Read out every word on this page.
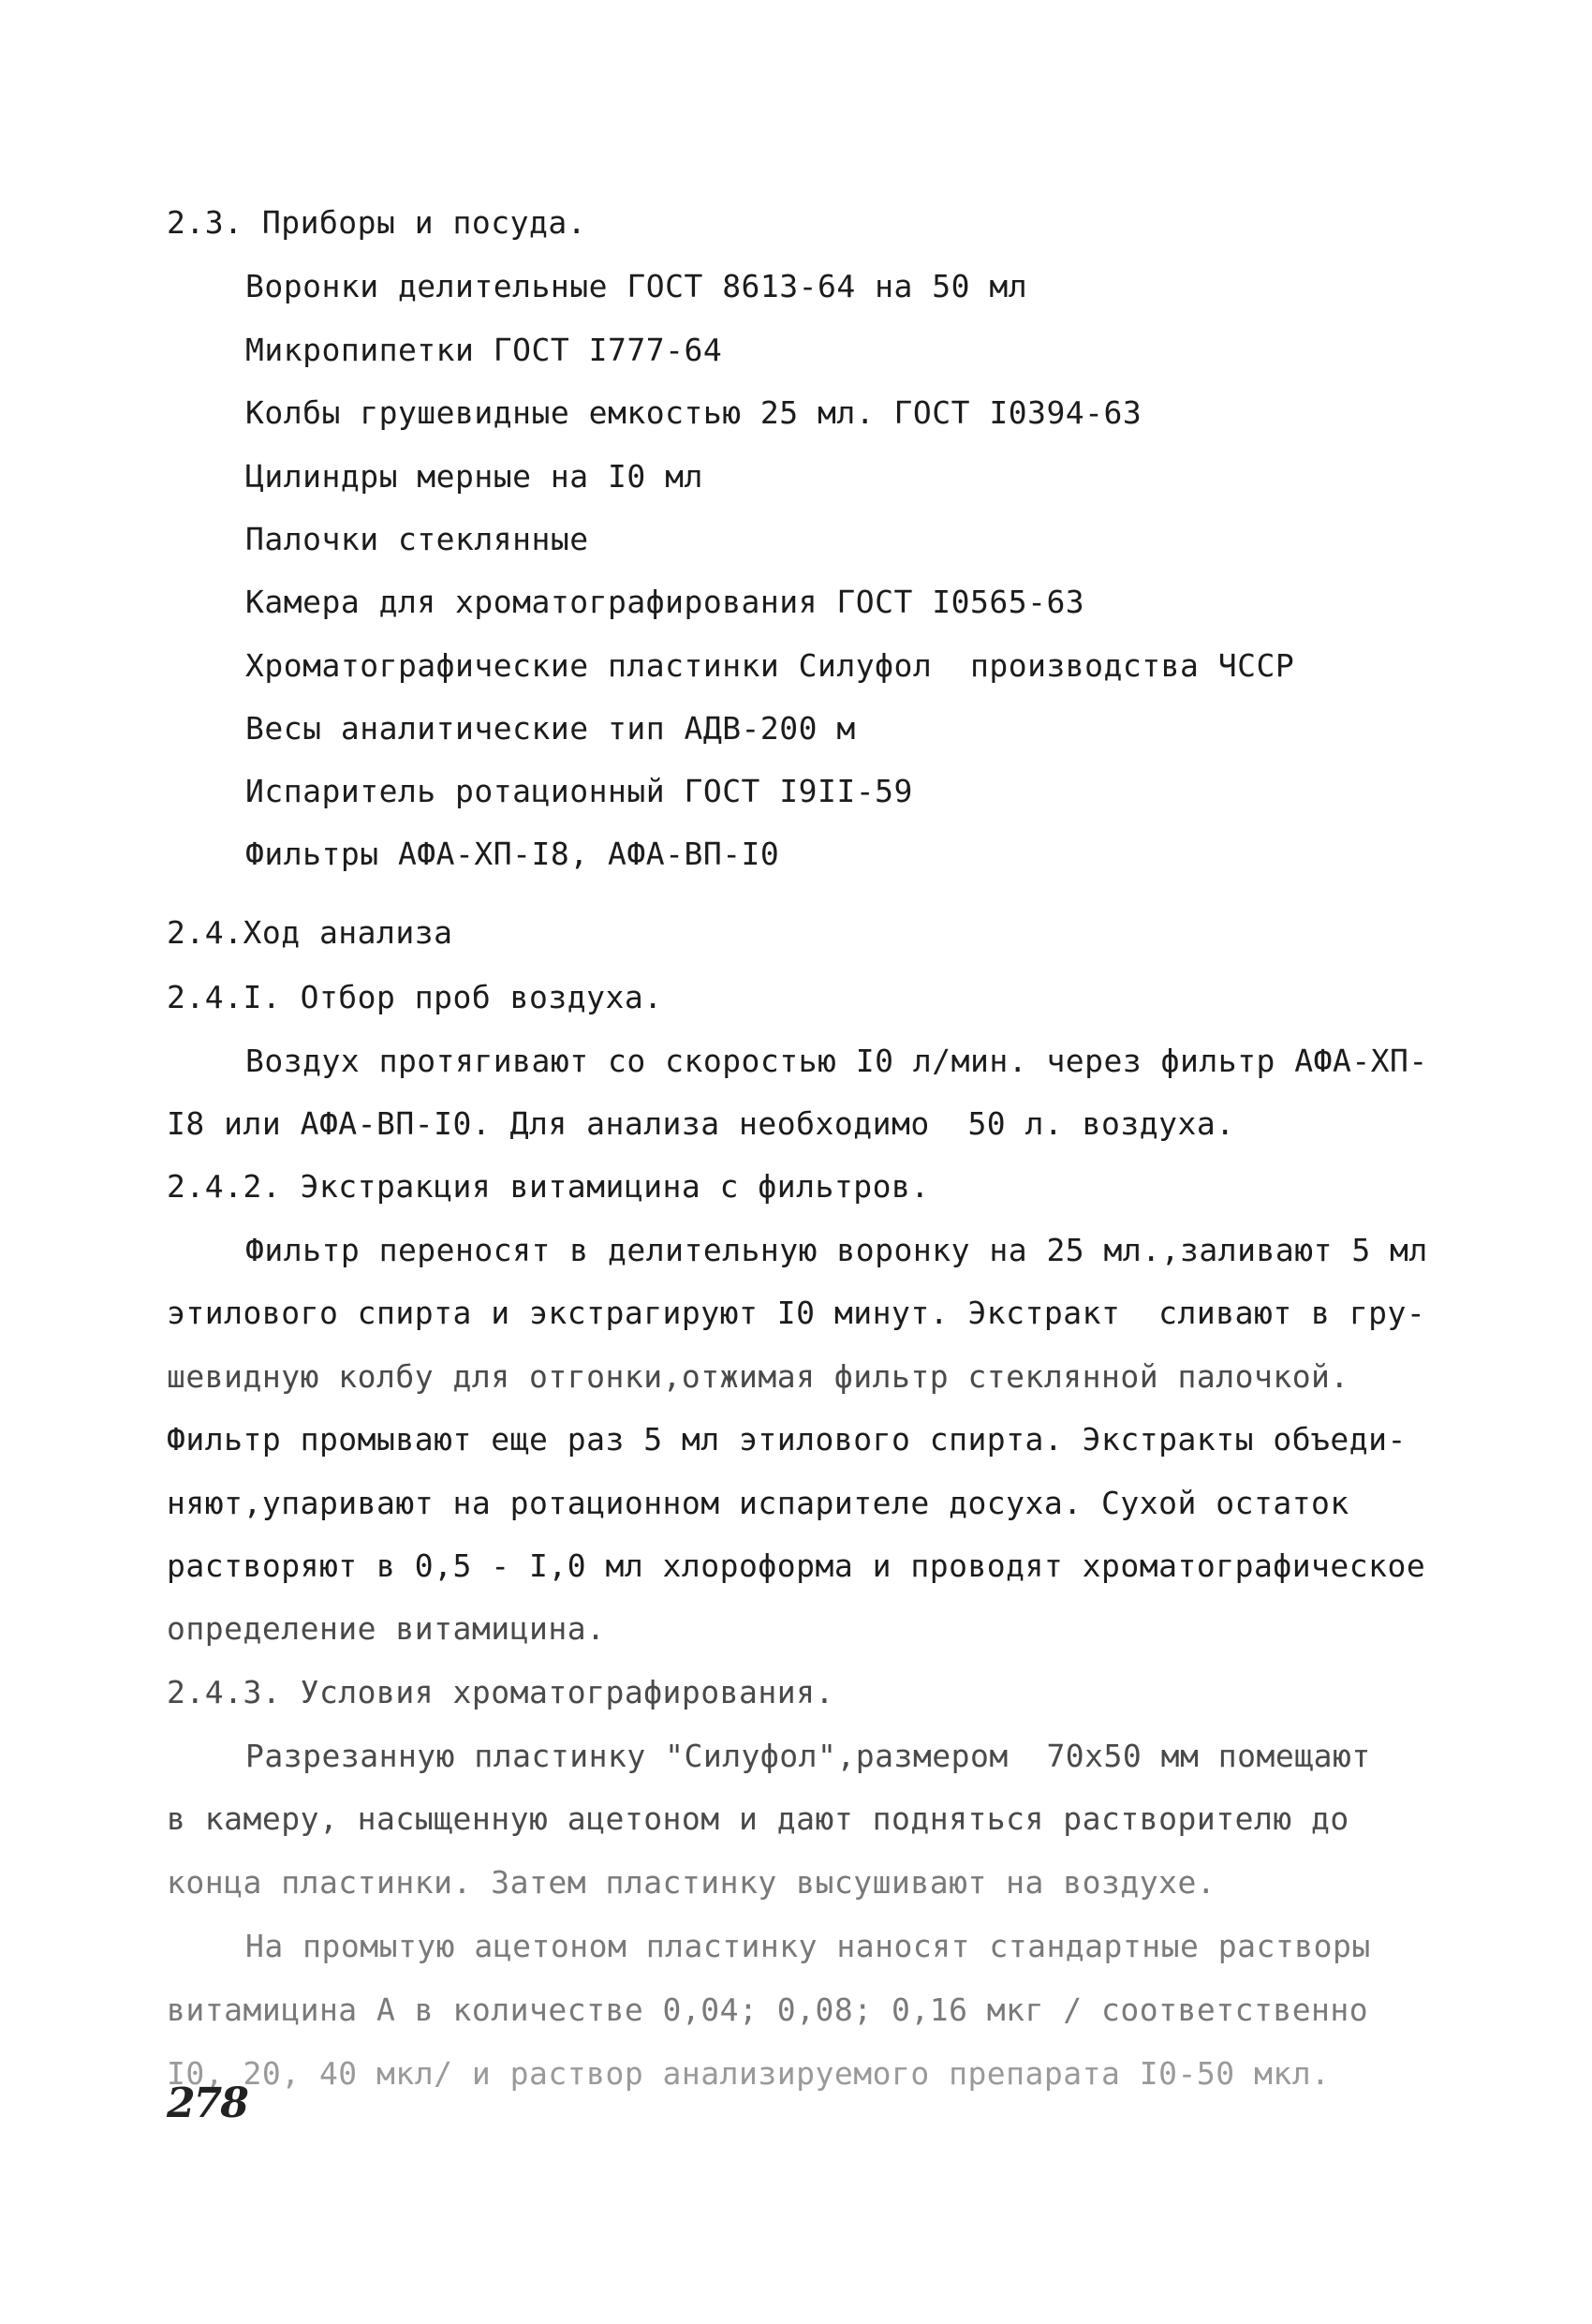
2.3. Приборы и посуда.
Воронки делительные ГОСТ 8613-64 на 50 мл
Микропипетки ГОСТ I777-64
Колбы грушевидные емкостью 25 мл. ГОСТ I0394-63
Цилиндры мерные на I0 мл
Палочки стеклянные
Камера для хроматографирования ГОСТ I0565-63
Хроматографические пластинки Силуфол  производства ЧССР
Весы аналитические тип АДВ-200 м
Испаритель ротационный ГОСТ I9II-59
Фильтры АФА-ХП-I8, АФА-ВП-I0
2.4.Ход анализа
2.4.I. Отбор проб воздуха.
Воздух протягивают со скоростью I0 л/мин. через фильтр АФА-ХП-
I8 или АФА-ВП-I0. Для анализа необходимо  50 л. воздуха.
2.4.2. Экстракция витамицина с фильтров.
Фильтр переносят в делительную воронку на 25 мл.,заливают 5 мл
этилового спирта и экстрагируют I0 минут. Экстракт  сливают в гру-
шевидную колбу для отгонки,отжимая фильтр стеклянной палочкой.
Фильтр промывают еще раз 5 мл этилового спирта. Экстракты объеди-
няют,упаривают на ротационном испарителе досуха. Сухой остаток
растворяют в 0,5 - I,0 мл хлороформа и проводят хроматографическое
определение витамицина.
2.4.3. Условия хроматографирования.
Разрезанную пластинку "Силуфол",размером  70х50 мм помещают
в камеру, насыщенную ацетоном и дают подняться растворителю до
конца пластинки. Затем пластинку высушивают на воздухе.
На промытую ацетоном пластинку наносят стандартные растворы
витамицина А в количестве 0,04; 0,08; 0,16 мкг / соответственно
I0, 20, 40 мкл/ и раствор анализируемого препарата I0-50 мкл.
278
